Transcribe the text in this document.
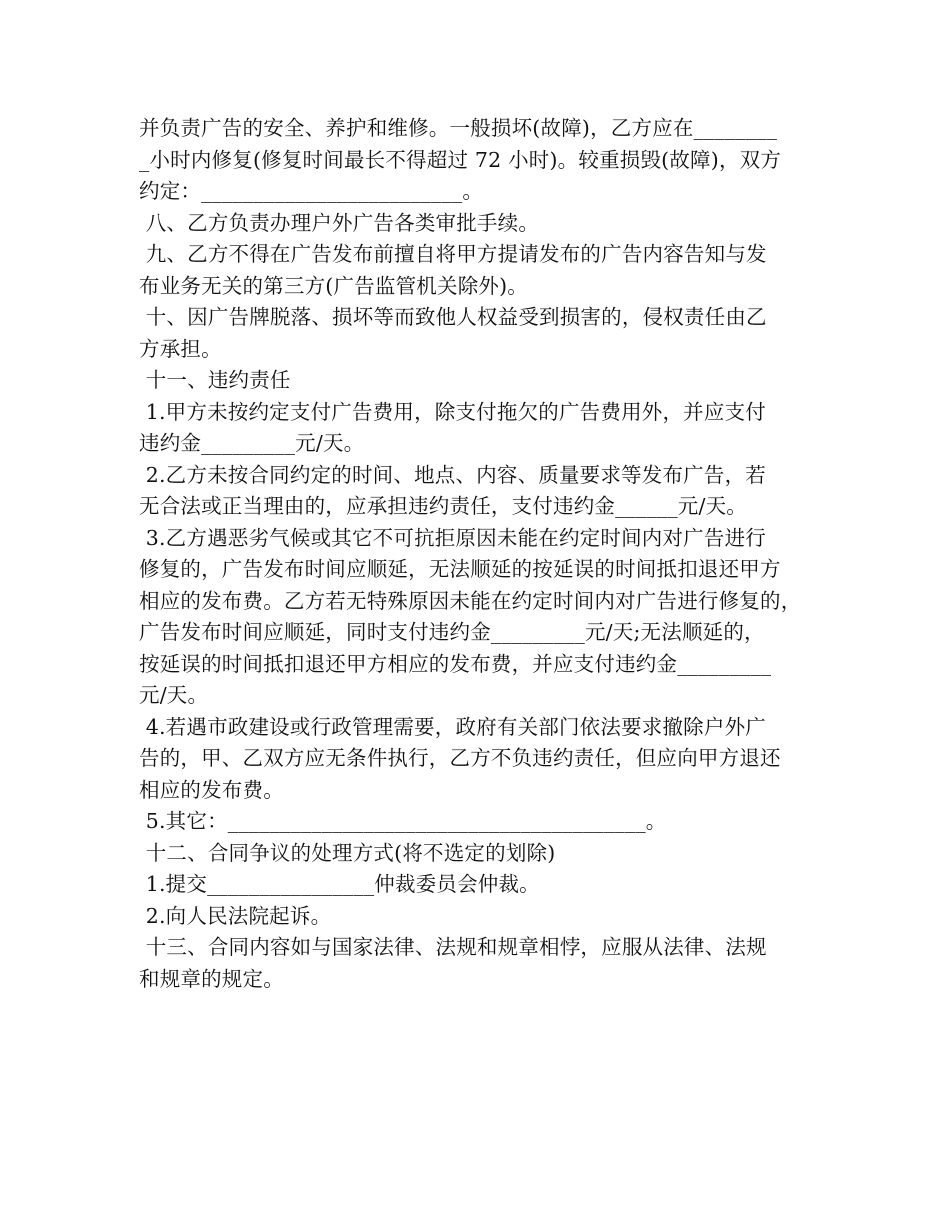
并负责广告的安全、养护和维修。一般损坏(故障)，乙方应在________
_小时内修复(修复时间最长不得超过 72 小时)。较重损毁(故障)，双方
约定：_________________________。
八、乙方负责办理户外广告各类审批手续。
九、乙方不得在广告发布前擅自将甲方提请发布的广告内容告知与发
布业务无关的第三方(广告监管机关除外)。
十、因广告牌脱落、损坏等而致他人权益受到损害的，侵权责任由乙
方承担。
十一、违约责任
1.甲方未按约定支付广告费用，除支付拖欠的广告费用外，并应支付
违约金_________元/天。
2.乙方未按合同约定的时间、地点、内容、质量要求等发布广告，若
无合法或正当理由的，应承担违约责任，支付违约金______元/天。
3.乙方遇恶劣气候或其它不可抗拒原因未能在约定时间内对广告进行
修复的，广告发布时间应顺延，无法顺延的按延误的时间抵扣退还甲方
相应的发布费。乙方若无特殊原因未能在约定时间内对广告进行修复的，
广告发布时间应顺延，同时支付违约金_________元/天;无法顺延的，
按延误的时间抵扣退还甲方相应的发布费，并应支付违约金_________
元/天。
4.若遇市政建设或行政管理需要，政府有关部门依法要求撤除户外广
告的，甲、乙双方应无条件执行，乙方不负违约责任，但应向甲方退还
相应的发布费。
5.其它：________________________________________。
十二、合同争议的处理方式(将不选定的划除)
1.提交________________仲裁委员会仲裁。
2.向人民法院起诉。
十三、合同内容如与国家法律、法规和规章相悖，应服从法律、法规
和规章的规定。
